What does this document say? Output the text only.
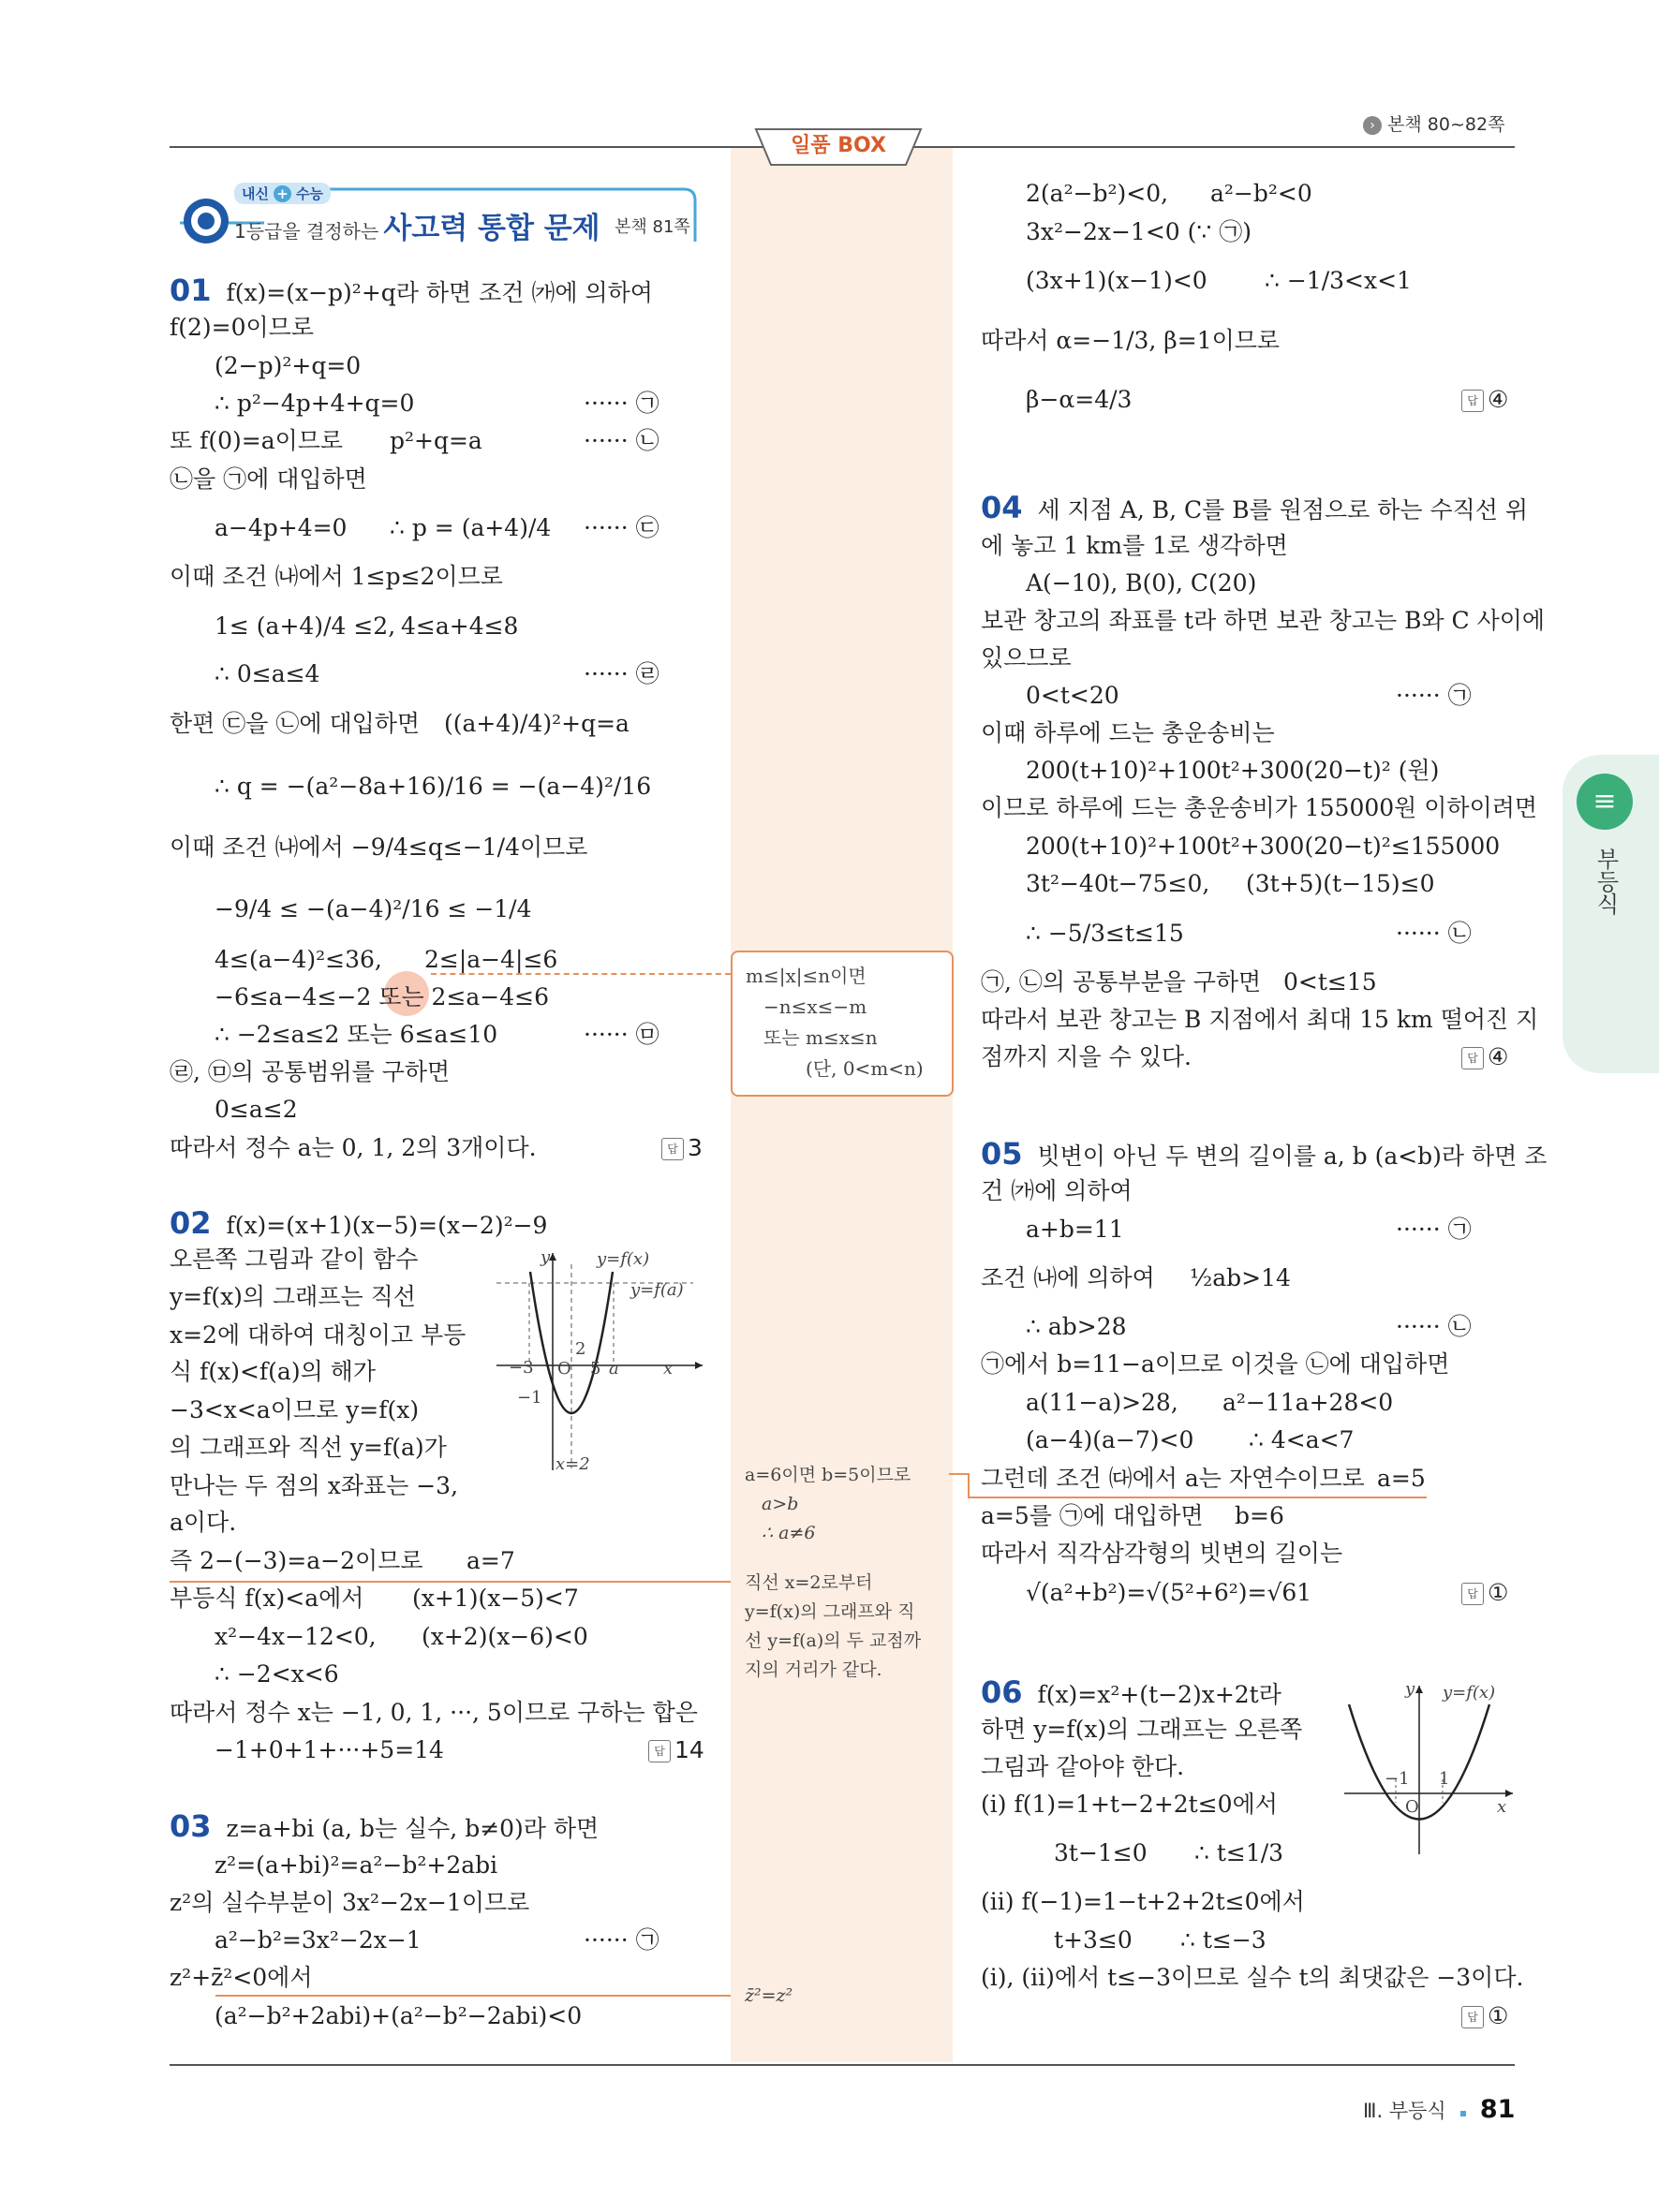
› 본책 80~82쪽
일품 BOX
내신 + 수능
1등급을 결정하는 사고력 통합 문제 본책 81쪽
≡
부등식
01 f(x)=(x−p)²+q라 하면 조건 ㈎에 의하여
f(2)=0이므로
(2−p)²+q=0
∴ p²−4p+4+q=0	······ ㉠
또 f(0)=a이므로 p²+q=a	······ ㉡
㉡을 ㉠에 대입하면
a−4p+4=0 ∴ p = (a+4)/4 ······ ㉢
이때 조건 ㈏에서 1≤p≤2이므로
1≤ (a+4)/4 ≤2, 4≤a+4≤8
∴ 0≤a≤4	······ ㉣
한편 ㉢을 ㉡에 대입하면 ((a+4)/4)²+q=a
∴ q = −(a²−8a+16)/16 = −(a−4)²/16
이때 조건 ㈏에서 −9/4≤q≤−1/4이므로
−9/4 ≤ −(a−4)²/16 ≤ −1/4
4≤(a−4)²≤36, 2≤|a−4|≤6
−6≤a−4≤−2 또는 2≤a−4≤6
∴ −2≤a≤2 또는 6≤a≤10	······ ㉤
㉣, ㉤의 공통범위를 구하면
0≤a≤2
따라서 정수 a는 0, 1, 2의 3개이다.	답 3
m≤|x|≤n이면
−n≤x≤−m
또는 m≤x≤n
(단, 0<m<n)
02 f(x)=(x+1)(x−5)=(x−2)²−9
오른쪽 그림과 같이 함수
y=f(x)의 그래프는 직선
x=2에 대하여 대칭이고 부등
식 f(x)<f(a)의 해가
−3<x<a이므로 y=f(x)
의 그래프와 직선 y=f(a)가
만나는 두 점의 x좌표는 −3,
a이다.
즉 2−(−3)=a−2이므로 a=7
부등식 f(x)<a에서 (x+1)(x−5)<7
x²−4x−12<0, (x+2)(x−6)<0
∴ −2<x<6
따라서 정수 x는 −1, 0, 1, ···, 5이므로 구하는 합은
−1+0+1+···+5=14	답 14
y	y=f(x)
y=f(a)
2
−3 O 5 a	x
−1
x=2
a=6이면 b=5이므로
a>b
∴ a≠6
직선 x=2로부터
y=f(x)의 그래프와 직
선 y=f(a)의 두 교점까
지의 거리가 같다.
03 z=a+bi (a, b는 실수, b≠0)라 하면
z²=(a+bi)²=a²−b²+2abi
z²의 실수부분이 3x²−2x−1이므로
a²−b²=3x²−2x−1	······ ㉠
z²+z̄²<0에서
(a²−b²+2abi)+(a²−b²−2abi)<0
z̄²=z²
2(a²−b²)<0, a²−b²<0
3x²−2x−1<0 (∵ ㉠)
(3x+1)(x−1)<0 ∴ −1/3<x<1
따라서 α=−1/3, β=1이므로
β−α=4/3	답 ④
04 세 지점 A, B, C를 B를 원점으로 하는 수직선 위
에 놓고 1 km를 1로 생각하면
A(−10), B(0), C(20)
보관 창고의 좌표를 t라 하면 보관 창고는 B와 C 사이에
있으므로
0<t<20	······ ㉠
이때 하루에 드는 총운송비는
200(t+10)²+100t²+300(20−t)² (원)
이므로 하루에 드는 총운송비가 155000원 이하이려면
200(t+10)²+100t²+300(20−t)²≤155000
3t²−40t−75≤0, (3t+5)(t−15)≤0
∴ −5/3≤t≤15	······ ㉡
㉠, ㉡의 공통부분을 구하면 0<t≤15
따라서 보관 창고는 B 지점에서 최대 15 km 떨어진 지
점까지 지을 수 있다.	답 ④
05 빗변이 아닌 두 변의 길이를 a, b (a<b)라 하면 조
건 ㈎에 의하여
a+b=11	······ ㉠
조건 ㈏에 의하여 ½ab>14
∴ ab>28	······ ㉡
㉠에서 b=11−a이므로 이것을 ㉡에 대입하면
a(11−a)>28, a²−11a+28<0
(a−4)(a−7)<0 ∴ 4<a<7
그런데 조건 ㈐에서 a는 자연수이므로 a=5
a=5를 ㉠에 대입하면 b=6
따라서 직각삼각형의 빗변의 길이는
√(a²+b²)=√(5²+6²)=√61	답 ①
06 f(x)=x²+(t−2)x+2t라
하면 y=f(x)의 그래프는 오른쪽
그림과 같아야 한다.
(i) f(1)=1+t−2+2t≤0에서
3t−1≤0 ∴ t≤1/3
(ii) f(−1)=1−t+2+2t≤0에서
t+3≤0 ∴ t≤−3
(i), (ii)에서 t≤−3이므로 실수 t의 최댓값은 −3이다.
답 ①
y y=f(x)
−1 1
O	x
Ⅲ. 부등식 81
